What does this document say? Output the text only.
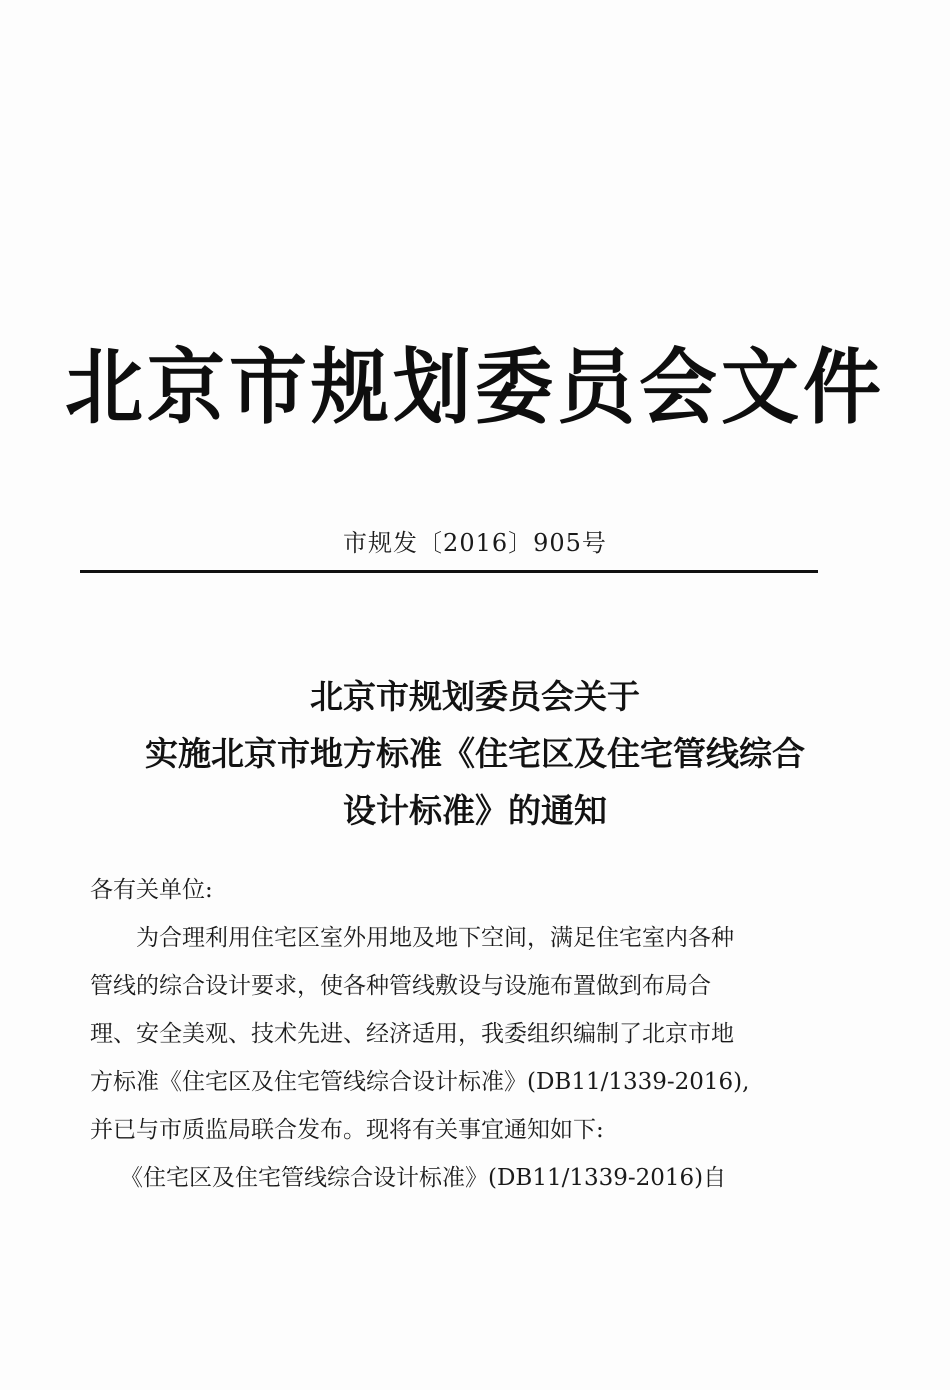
北京市规划委员会文件
市规发〔2016〕905号
北京市规划委员会关于
实施北京市地方标准《住宅区及住宅管线综合
设计标准》的通知
各有关单位:
为合理利用住宅区室外用地及地下空间，满足住宅室内各种
管线的综合设计要求，使各种管线敷设与设施布置做到布局合
理、安全美观、技术先进、经济适用，我委组织编制了北京市地
方标准《住宅区及住宅管线综合设计标准》(DB11/1339-2016),
并已与市质监局联合发布。现将有关事宜通知如下:
《住宅区及住宅管线综合设计标准》(DB11/1339-2016)自
